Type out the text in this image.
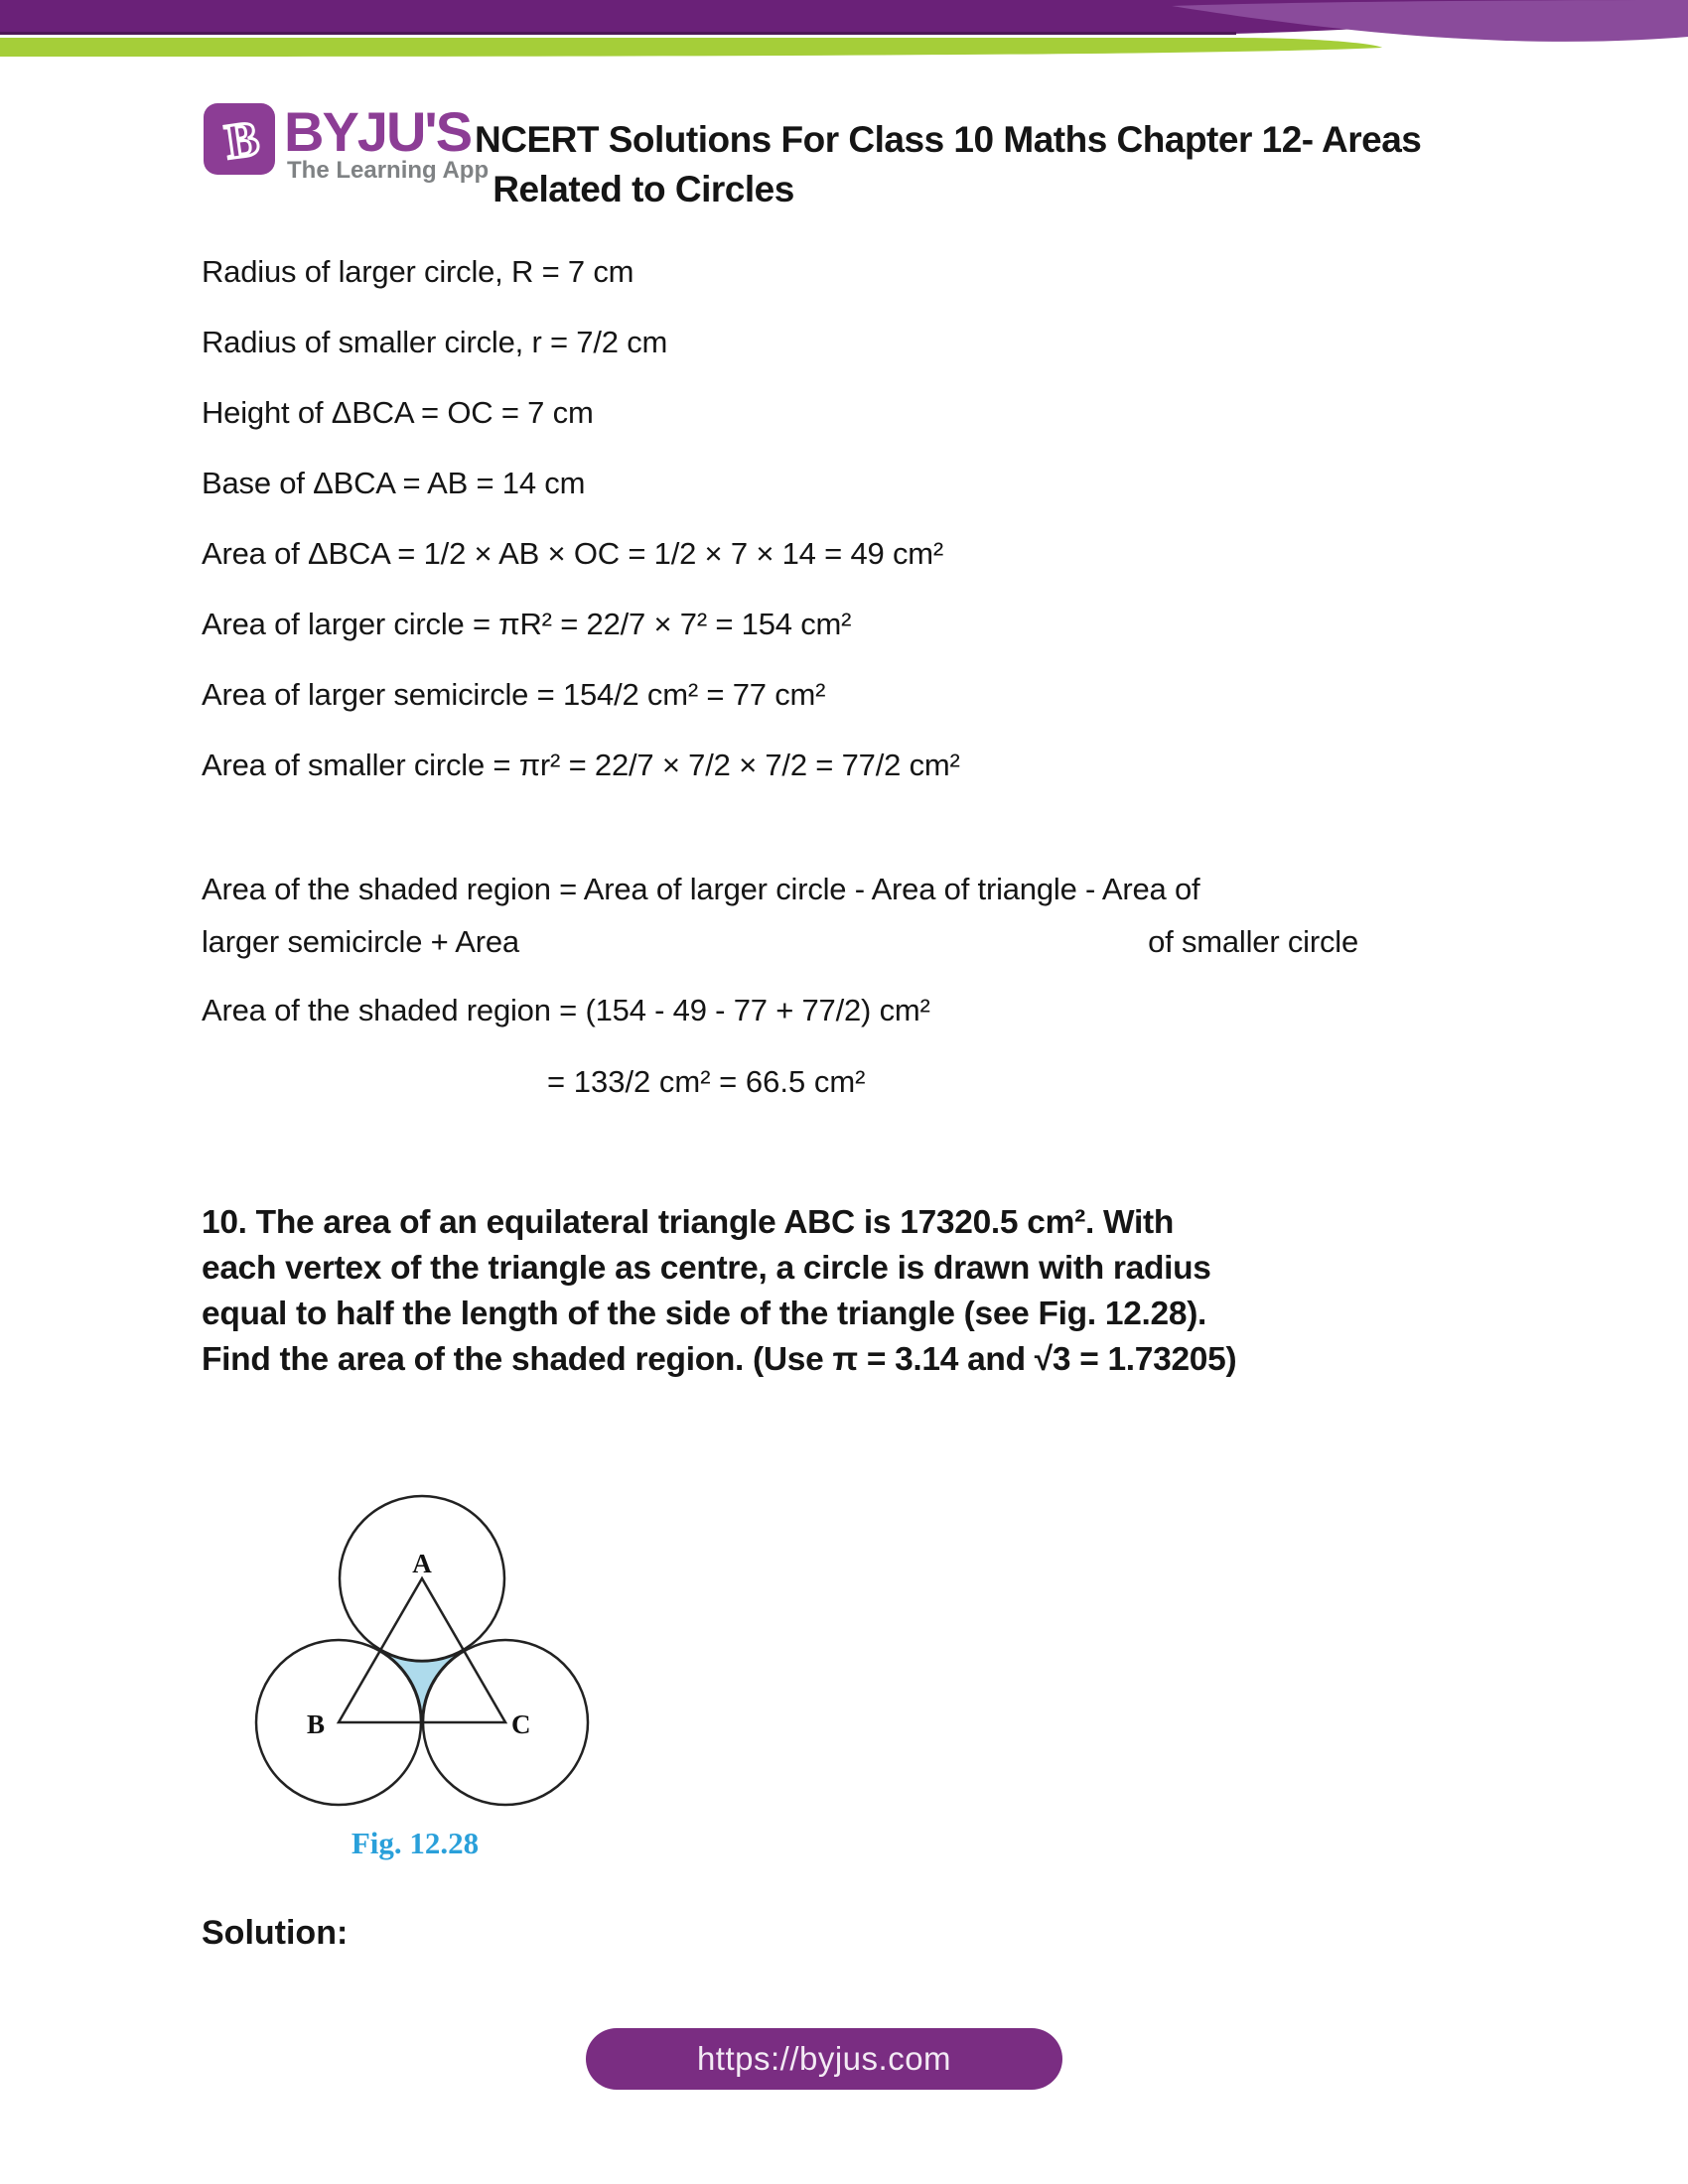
B BYJU'S
The Learning App
NCERT Solutions For Class 10 Maths Chapter 12- Areas
Related to Circles
Radius of larger circle, R = 7 cm
Radius of smaller circle, r = 7/2 cm
Height of ΔBCA = OC = 7 cm
Base of ΔBCA = AB = 14 cm
Area of ΔBCA = 1/2 × AB × OC = 1/2 × 7 × 14 = 49 cm²
Area of larger circle = πR² = 22/7 × 7² = 154 cm²
Area of larger semicircle = 154/2 cm² = 77 cm²
Area of smaller circle = πr² = 22/7 × 7/2 × 7/2 = 77/2 cm²
Area of the shaded region = Area of larger circle - Area of triangle - Area of
larger semicircle + Area	of smaller circle
Area of the shaded region = (154 - 49 - 77 + 77/2) cm²
= 133/2 cm² = 66.5 cm²
10. The area of an equilateral triangle ABC is 17320.5 cm². With
each vertex of the triangle as centre, a circle is drawn with radius
equal to half the length of the side of the triangle (see Fig. 12.28).
Find the area of the shaded region. (Use π = 3.14 and √3 = 1.73205)
A
B	C
Fig. 12.28
Solution:
https://byjus.com
